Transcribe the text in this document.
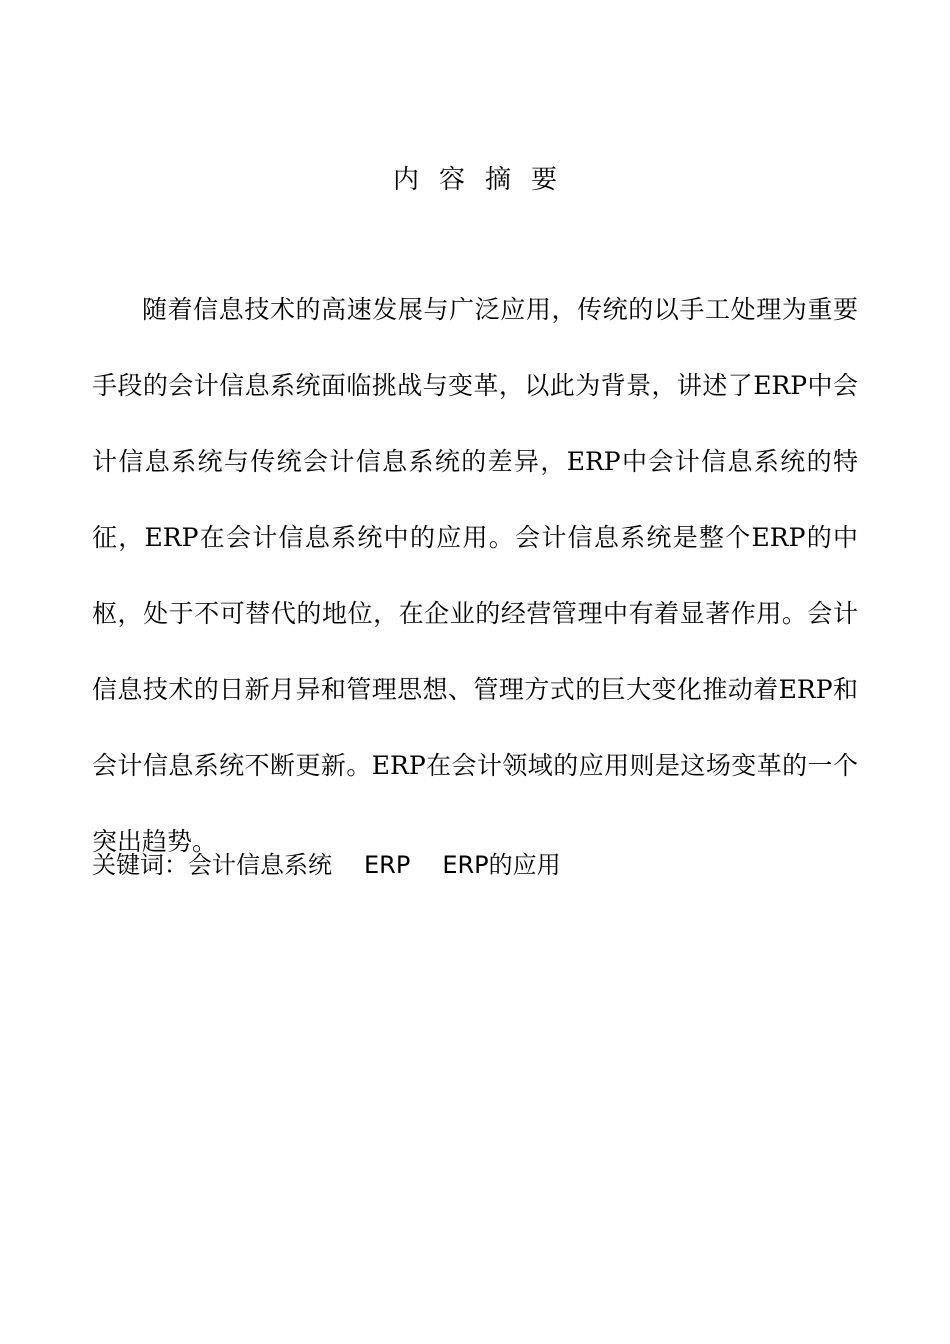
内容摘要

随着信息技术的高速发展与广泛应用，传统的以手工处理为重要手段的会计信息系统面临挑战与变革，以此为背景，讲述了ERP中会计信息系统与传统会计信息系统的差异，ERP中会计信息系统的特征，ERP在会计信息系统中的应用。会计信息系统是整个ERP的中枢，处于不可替代的地位，在企业的经营管理中有着显著作用。会计信息技术的日新月异和管理思想、管理方式的巨大变化推动着ERP和会计信息系统不断更新。ERP在会计领域的应用则是这场变革的一个突出趋势。

关键词：会计信息系统 ERP ERP的应用
